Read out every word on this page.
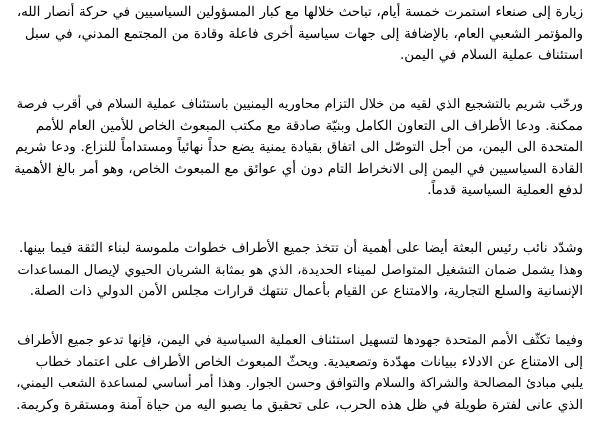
زيارة إلى صنعاء استمرت خمسة أيام، تباحث خلالها مع كبار المسؤولين السياسيين في حركة أنصار الله،
والمؤتمر الشعبي العام، بالإضافة إلى جهات سياسية أخرى فاعلة وقادة من المجتمع المدني، في سبل
استئناف عملية السلام في اليمن.
ورحّب شريم بالتشجيع الذي لقيه من خلال التزام محاوريه اليمنيين باستئناف عملية السلام في أقرب فرصة
ممكنة. ودعا الأطراف الى التعاون الكامل وبنيّة صادقة مع مكتب المبعوث الخاص للأمين العام للأمم
المتحدة الى اليمن، من أجل التوصّل الى اتفاق بقيادة يمنية يضع حداً نهائياً ومستداماً للنزاع. ودعا شريم
القادة السياسيين في اليمن إلى الانخراط التام دون أي عوائق مع المبعوث الخاص، وهو أمر بالغ الأهمية
لدفع العملية السياسية قدماً.
وشدّد نائب رئيس البعثة أيضا على أهمية أن تتخذ جميع الأطراف خطوات ملموسة لبناء الثقة فيما بينها.
وهذا يشمل ضمان التشغيل المتواصل لميناء الحديدة، الذي هو بمثابة الشريان الحيوي لإيصال المساعدات
الإنسانية والسلع التجارية، والامتناع عن القيام بأعمال تنتهك قرارات مجلس الأمن الدولي ذات الصلة.
وفيما تكثّف الأمم المتحدة جهودها لتسهيل استئناف العملية السياسية في اليمن، فإنها تدعو جميع الأطراف
إلى الامتناع عن الادلاء ببيانات مهدّدة وتصعيدية. ويحثّ المبعوث الخاص الأطراف على اعتماد خطاب
يلبي مبادئ المصالحة والشراكة والسلام والتوافق وحسن الجوار. وهذا أمر أساسي لمساعدة الشعب اليمني،
الذي عانى لفترة طويلة في ظل هذه الحرب، على تحقيق ما يصبو اليه من حياة آمنة ومستقرة وكريمة.
